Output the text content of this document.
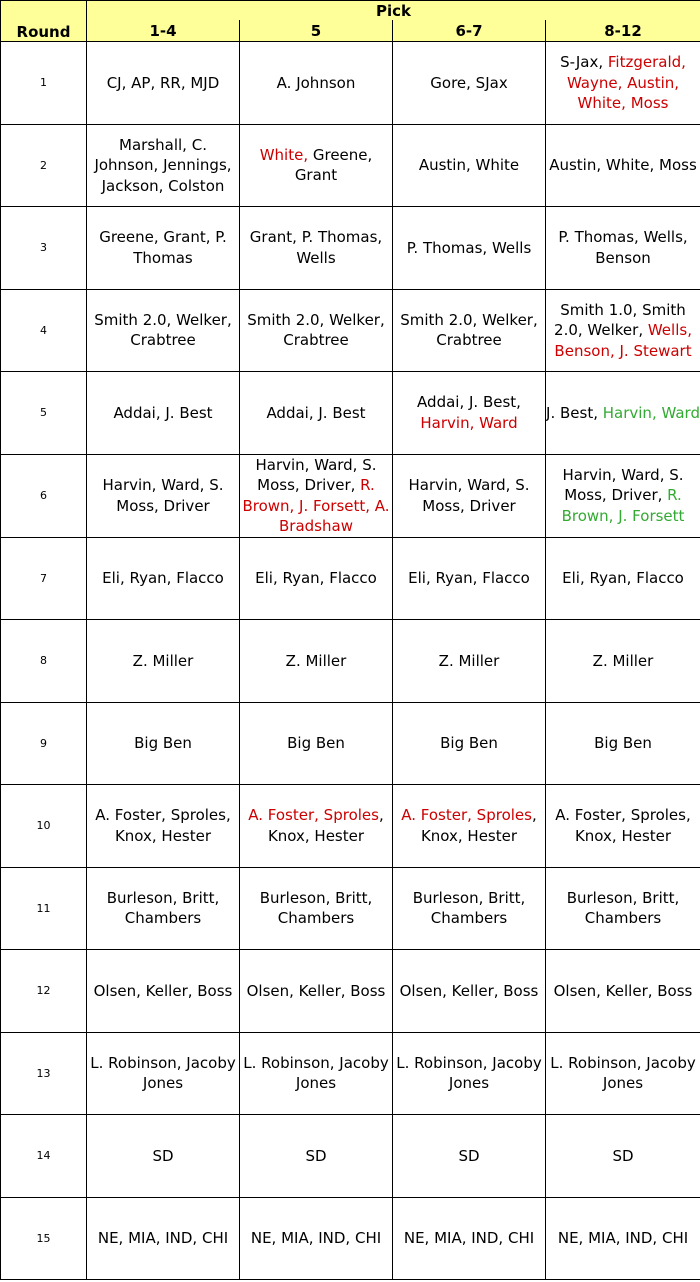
	Pick			
Round	1-4	5	6-7	8-12
1	CJ, AP, RR, MJD	A. Johnson	Gore, SJax	S-Jax, Fitzgerald, Wayne, Austin, White, Moss
2	Marshall, C. Johnson, Jennings, Jackson, Colston	White, Greene, Grant	Austin, White	Austin, White, Moss
3	Greene, Grant, P. Thomas	Grant, P. Thomas, Wells	P. Thomas, Wells	P. Thomas, Wells, Benson
4	Smith 2.0, Welker, Crabtree	Smith 2.0, Welker, Crabtree	Smith 2.0, Welker, Crabtree	Smith 1.0, Smith 2.0, Welker, Wells, Benson, J. Stewart
5	Addai, J. Best	Addai, J. Best	Addai, J. Best, Harvin, Ward	J. Best, Harvin, Ward
6	Harvin, Ward, S. Moss, Driver	Harvin, Ward, S. Moss, Driver, R. Brown, J. Forsett, A. Bradshaw	Harvin, Ward, S. Moss, Driver	Harvin, Ward, S. Moss, Driver, R. Brown, J. Forsett
7	Eli, Ryan, Flacco	Eli, Ryan, Flacco	Eli, Ryan, Flacco	Eli, Ryan, Flacco
8	Z. Miller	Z. Miller	Z. Miller	Z. Miller
9	Big Ben	Big Ben	Big Ben	Big Ben
10	A. Foster, Sproles, Knox, Hester	A. Foster, Sproles, Knox, Hester	A. Foster, Sproles, Knox, Hester	A. Foster, Sproles, Knox, Hester
11	Burleson, Britt, Chambers	Burleson, Britt, Chambers	Burleson, Britt, Chambers	Burleson, Britt, Chambers
12	Olsen, Keller, Boss	Olsen, Keller, Boss	Olsen, Keller, Boss	Olsen, Keller, Boss
13	L. Robinson, Jacoby Jones	L. Robinson, Jacoby Jones	L. Robinson, Jacoby Jones	L. Robinson, Jacoby Jones
14	SD	SD	SD	SD
15	NE, MIA, IND, CHI	NE, MIA, IND, CHI	NE, MIA, IND, CHI	NE, MIA, IND, CHI
